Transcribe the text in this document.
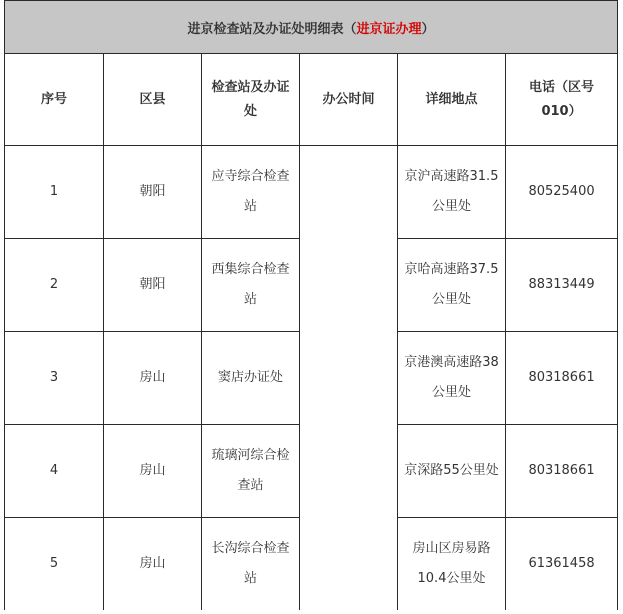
进京检查站及办证处明细表（进京证办理）					
序号	区县	检查站及办证处	办公时间	详细地点	电话（区号010）
1	朝阳	应寺综合检查站		京沪高速路31.5公里处	80525400
2	朝阳	西集综合检查站		京哈高速路37.5公里处	88313449
3	房山	窦店办证处		京港澳高速路38公里处	80318661
4	房山	琉璃河综合检查站		京深路55公里处	80318661
5	房山	长沟综合检查站		房山区房易路10.4公里处	61361458
